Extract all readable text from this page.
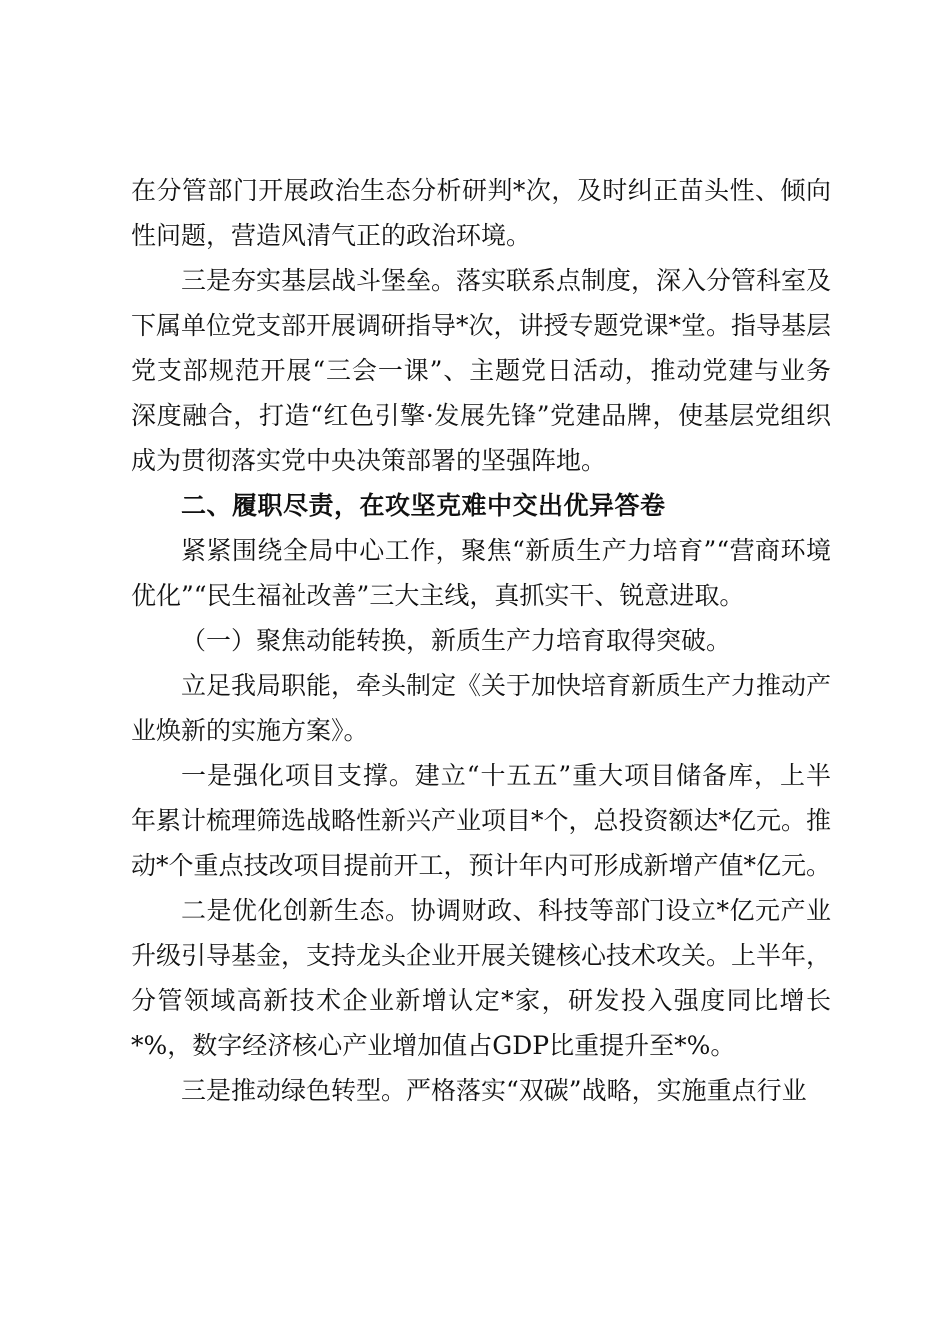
在分管部门开展政治生态分析研判*次，及时纠正苗头性、倾向性问题，营造风清气正的政治环境。

三是夯实基层战斗堡垒。落实联系点制度，深入分管科室及下属单位党支部开展调研指导*次，讲授专题党课*堂。指导基层党支部规范开展“三会一课”、主题党日活动，推动党建与业务深度融合，打造“红色引擎·发展先锋”党建品牌，使基层党组织成为贯彻落实党中央决策部署的坚强阵地。

二、履职尽责，在攻坚克难中交出优异答卷

紧紧围绕全局中心工作，聚焦“新质生产力培育”“营商环境优化”“民生福祉改善”三大主线，真抓实干、锐意进取。

（一）聚焦动能转换，新质生产力培育取得突破。

立足我局职能，牵头制定《关于加快培育新质生产力推动产业焕新的实施方案》。

一是强化项目支撑。建立“十五五”重大项目储备库，上半年累计梳理筛选战略性新兴产业项目*个，总投资额达*亿元。推动*个重点技改项目提前开工，预计年内可形成新增产值*亿元。

二是优化创新生态。协调财政、科技等部门设立*亿元产业升级引导基金，支持龙头企业开展关键核心技术攻关。上半年，分管领域高新技术企业新增认定*家，研发投入强度同比增长*%，数字经济核心产业增加值占GDP比重提升至*%。

三是推动绿色转型。严格落实“双碳”战略，实施重点行业
